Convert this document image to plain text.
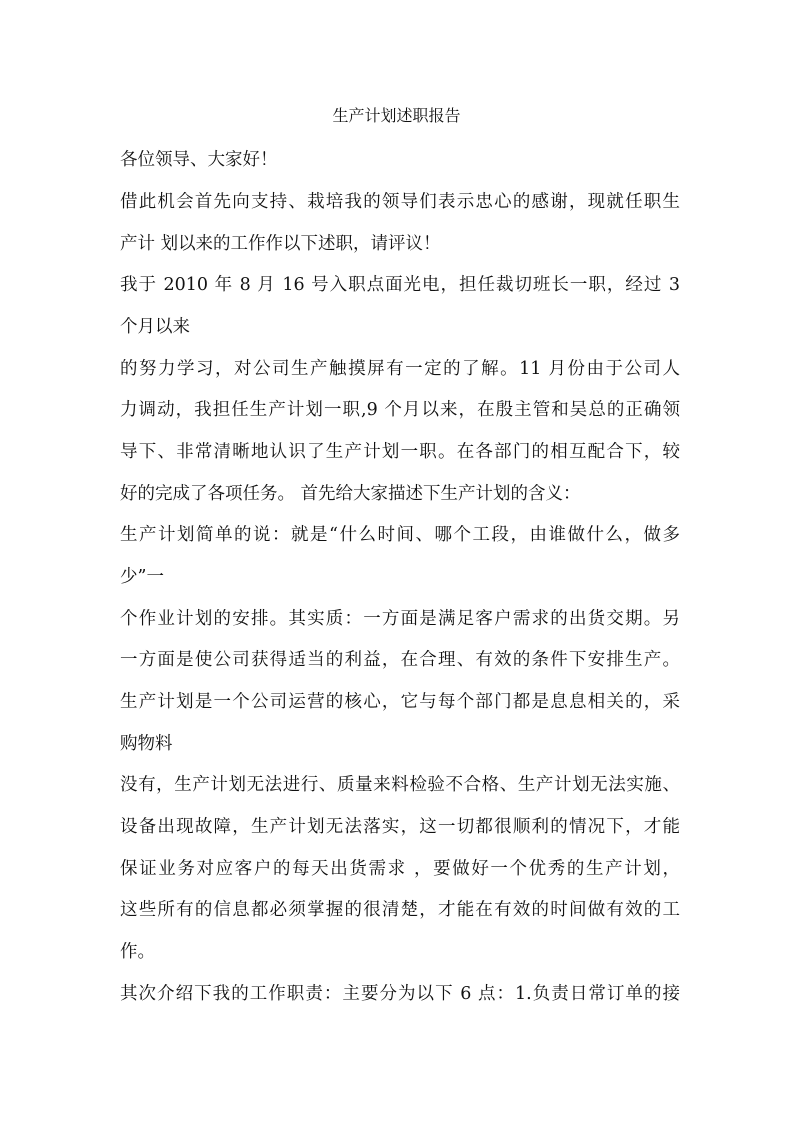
生产计划述职报告
各位领导、大家好！
借此机会首先向支持、栽培我的领导们表示忠心的感谢，现就任职生
产计 划以来的工作作以下述职，请评议！
我于 2010 年 8 月 16 号入职点面光电，担任裁切班长一职，经过 3
个月以来
的努力学习，对公司生产触摸屏有一定的了解。11 月份由于公司人
力调动，我担任生产计划一职,9 个月以来，在殷主管和吴总的正确领
导下、非常清晰地认识了生产计划一职。在各部门的相互配合下，较
好的完成了各项任务。 首先给大家描述下生产计划的含义：
生产计划简单的说：就是“什么时间、哪个工段，由谁做什么，做多
少”一
个作业计划的安排。其实质：一方面是满足客户需求的出货交期。另
一方面是使公司获得适当的利益，在合理、有效的条件下安排生产。
生产计划是一个公司运营的核心，它与每个部门都是息息相关的，采
购物料
没有，生产计划无法进行、质量来料检验不合格、生产计划无法实施、
设备出现故障，生产计划无法落实，这一切都很顺利的情况下，才能
保证业务对应客户的每天出货需求 ，要做好一个优秀的生产计划，
这些所有的信息都必须掌握的很清楚，才能在有效的时间做有效的工
作。
其次介绍下我的工作职责：主要分为以下 6 点：1.负责日常订单的接
